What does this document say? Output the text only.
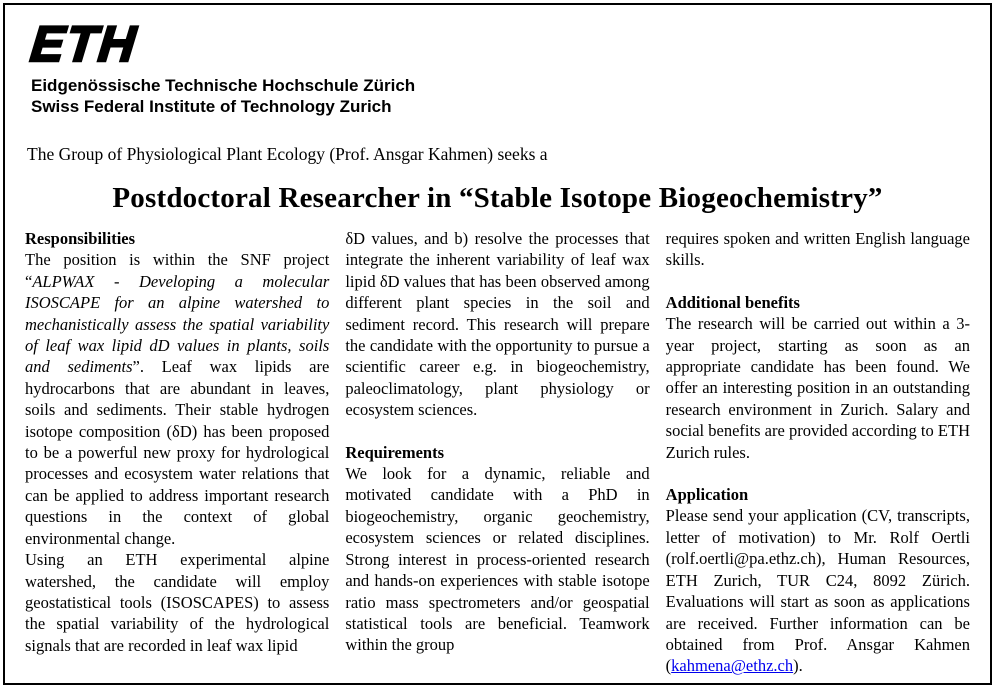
ETH
Eidgenössische Technische Hochschule Zürich
Swiss Federal Institute of Technology Zurich

The Group of Physiological Plant Ecology (Prof. Ansgar Kahmen) seeks a

Postdoctoral Researcher in “Stable Isotope Biogeochemistry”

Responsibilities

The position is within the SNF project “ALPWAX - Developing a molecular ISOSCAPE for an alpine watershed to mechanistically assess the spatial variability of leaf wax lipid dD values in plants, soils and sediments”. Leaf wax lipids are hydrocarbons that are abundant in leaves, soils and sediments. Their stable hydrogen isotope composition (δD) has been proposed to be a powerful new proxy for hydrological processes and ecosystem water relations that can be applied to address important research questions in the context of global environmental change.

Using an ETH experimental alpine watershed, the candidate will employ geostatistical tools (ISOSCAPES) to assess the spatial variability of the hydrological signals that are recorded in leaf wax lipid

δD values, and b) resolve the processes that integrate the inherent variability of leaf wax lipid δD values that has been observed among different plant species in the soil and sediment record. This research will prepare the candidate with the opportunity to pursue a scientific career e.g. in biogeochemistry, paleoclimatology, plant physiology or ecosystem sciences.

Requirements

We look for a dynamic, reliable and motivated candidate with a PhD in biogeochemistry, organic geochemistry, ecosystem sciences or related disciplines. Strong interest in process-oriented research and hands-on experiences with stable isotope ratio mass spectrometers and/or geospatial statistical tools are beneficial. Teamwork within the group

requires spoken and written English language skills.

Additional benefits

The research will be carried out within a 3-year project, starting as soon as an appropriate candidate has been found. We offer an interesting position in an outstanding research environment in Zurich. Salary and social benefits are provided according to ETH Zurich rules.

Application

Please send your application (CV, transcripts, letter of motivation) to Mr. Rolf Oertli (rolf.oertli@pa.ethz.ch), Human Resources, ETH Zurich, TUR C24, 8092 Zürich. Evaluations will start as soon as applications are received. Further information can be obtained from Prof. Ansgar Kahmen (kahmena@ethz.ch).
